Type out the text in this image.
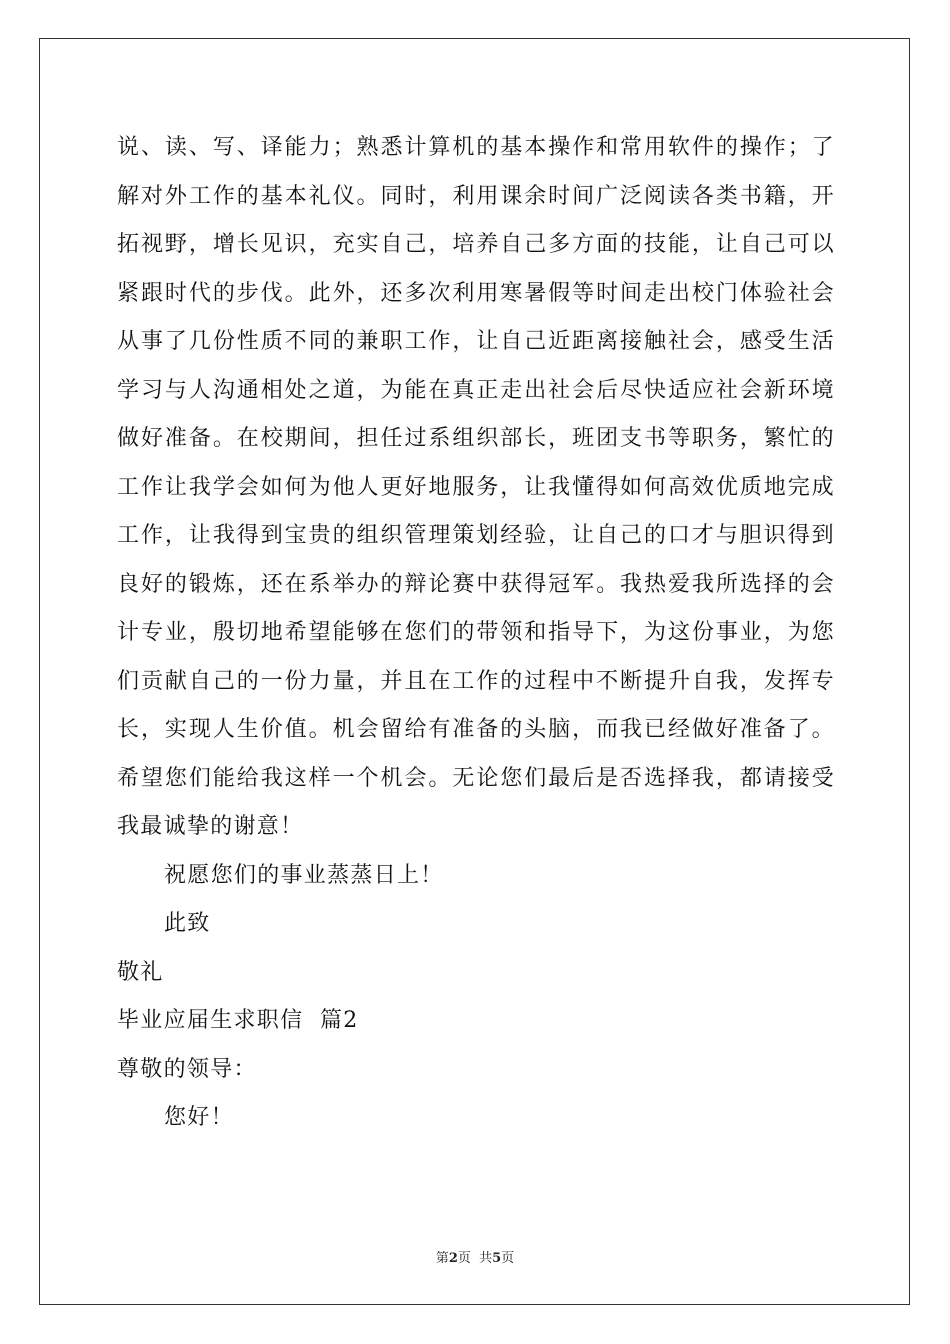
说、读、写、译能力；熟悉计算机的基本操作和常用软件的操作；了
解对外工作的基本礼仪。同时，利用课余时间广泛阅读各类书籍，开
拓视野，增长见识，充实自己，培养自己多方面的技能，让自己可以
紧跟时代的步伐。此外，还多次利用寒暑假等时间走出校门体验社会
从事了几份性质不同的兼职工作，让自己近距离接触社会，感受生活
学习与人沟通相处之道，为能在真正走出社会后尽快适应社会新环境
做好准备。在校期间，担任过系组织部长，班团支书等职务，繁忙的
工作让我学会如何为他人更好地服务，让我懂得如何高效优质地完成
工作，让我得到宝贵的组织管理策划经验，让自己的口才与胆识得到
良好的锻炼，还在系举办的辩论赛中获得冠军。我热爱我所选择的会
计专业，殷切地希望能够在您们的带领和指导下，为这份事业，为您
们贡献自己的一份力量，并且在工作的过程中不断提升自我，发挥专
长，实现人生价值。机会留给有准备的头脑，而我已经做好准备了。
希望您们能给我这样一个机会。无论您们最后是否选择我，都请接受
我最诚挚的谢意！
祝愿您们的事业蒸蒸日上！
此致
敬礼
毕业应届生求职信  篇2
尊敬的领导：
您好！
第2页  共5页
